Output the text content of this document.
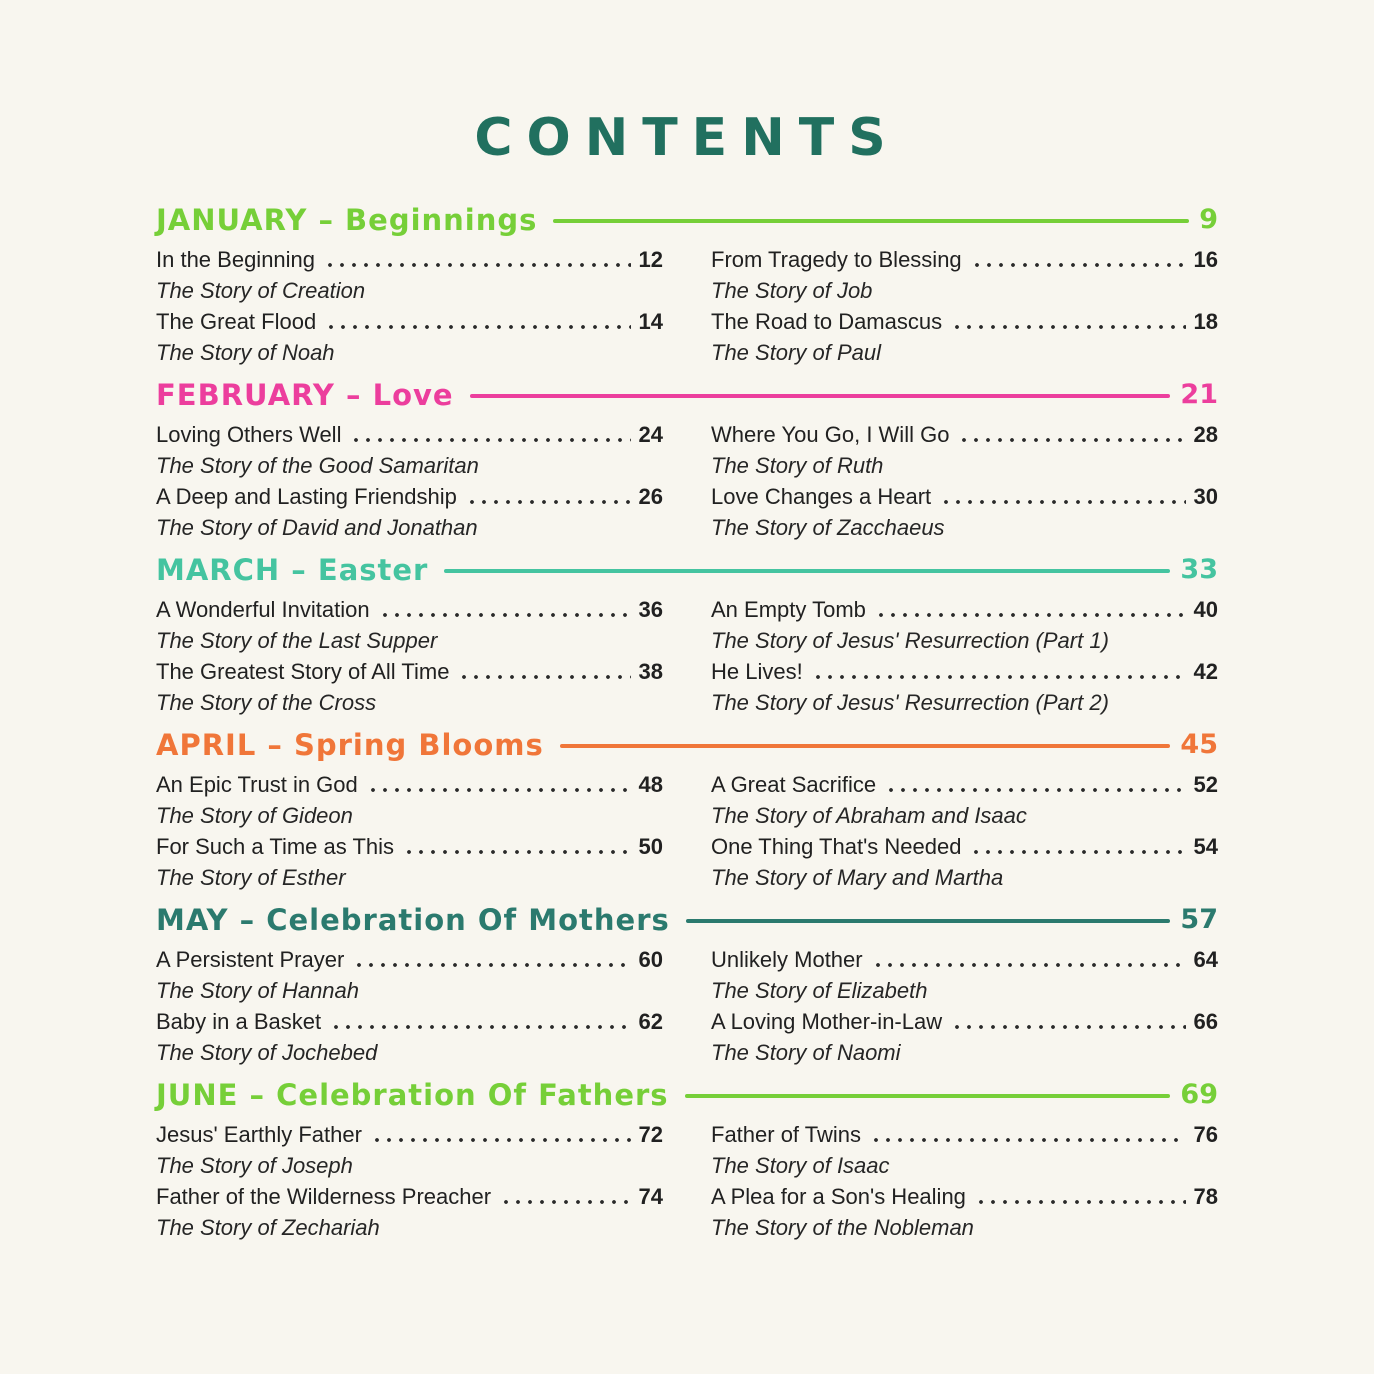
CONTENTS
JANUARY – Beginnings	9
In the Beginning	12
The Story of Creation
The Great Flood	14
The Story of Noah
From Tragedy to Blessing	16
The Story of Job
The Road to Damascus	18
The Story of Paul
FEBRUARY – Love	21
Loving Others Well	24
The Story of the Good Samaritan
A Deep and Lasting Friendship	26
The Story of David and Jonathan
Where You Go, I Will Go	28
The Story of Ruth
Love Changes a Heart	30
The Story of Zacchaeus
MARCH – Easter	33
A Wonderful Invitation	36
The Story of the Last Supper
The Greatest Story of All Time	38
The Story of the Cross
An Empty Tomb	40
The Story of Jesus' Resurrection (Part 1)
He Lives!	42
The Story of Jesus' Resurrection (Part 2)
APRIL – Spring Blooms	45
An Epic Trust in God	48
The Story of Gideon
For Such a Time as This	50
The Story of Esther
A Great Sacrifice	52
The Story of Abraham and Isaac
One Thing That's Needed	54
The Story of Mary and Martha
MAY – Celebration Of Mothers	57
A Persistent Prayer	60
The Story of Hannah
Baby in a Basket	62
The Story of Jochebed
Unlikely Mother	64
The Story of Elizabeth
A Loving Mother-in-Law	66
The Story of Naomi
JUNE – Celebration Of Fathers	69
Jesus' Earthly Father	72
The Story of Joseph
Father of the Wilderness Preacher	74
The Story of Zechariah
Father of Twins	76
The Story of Isaac
A Plea for a Son's Healing	78
The Story of the Nobleman
